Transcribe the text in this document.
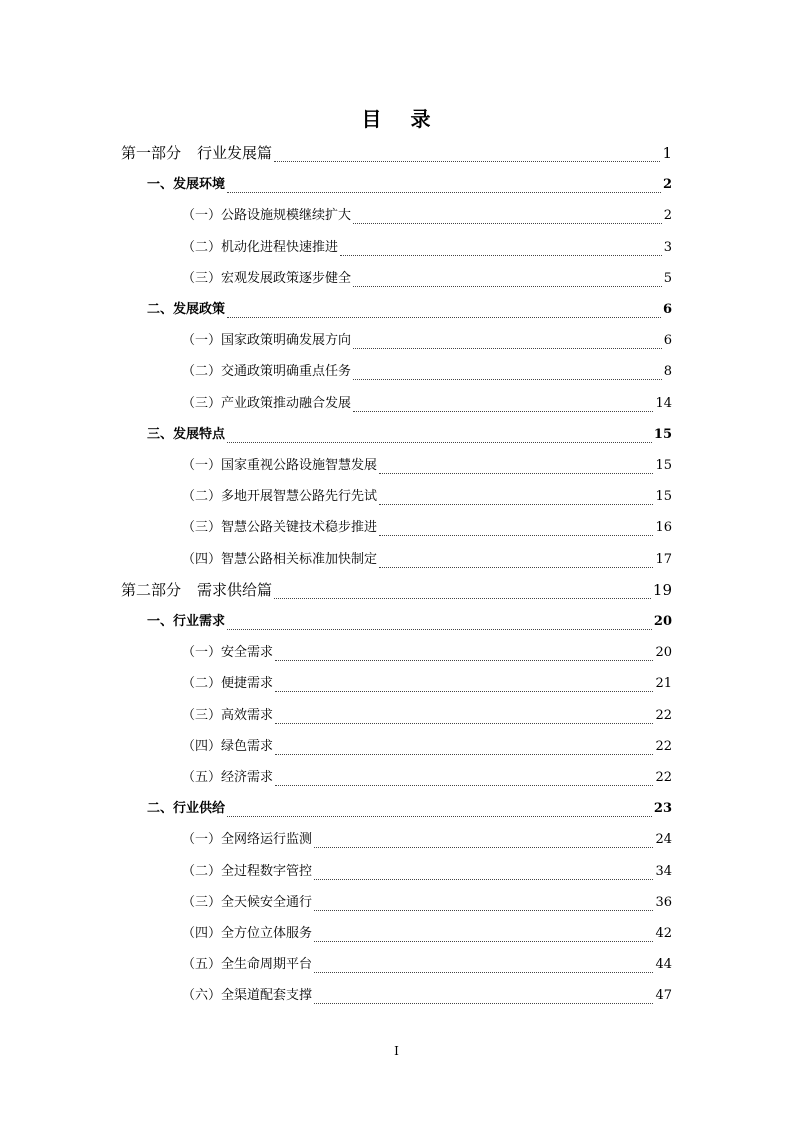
目 录
第一部分 行业发展篇	1
一、发展环境	2
（一）公路设施规模继续扩大	2
（二）机动化进程快速推进	3
（三）宏观发展政策逐步健全	5
二、发展政策	6
（一）国家政策明确发展方向	6
（二）交通政策明确重点任务	8
（三）产业政策推动融合发展	14
三、发展特点	15
（一）国家重视公路设施智慧发展	15
（二）多地开展智慧公路先行先试	15
（三）智慧公路关键技术稳步推进	16
（四）智慧公路相关标准加快制定	17
第二部分 需求供给篇	19
一、行业需求	20
（一）安全需求	20
（二）便捷需求	21
（三）高效需求	22
（四）绿色需求	22
（五）经济需求	22
二、行业供给	23
（一）全网络运行监测	24
（二）全过程数字管控	34
（三）全天候安全通行	36
（四）全方位立体服务	42
（五）全生命周期平台	44
（六）全渠道配套支撑	47
I
